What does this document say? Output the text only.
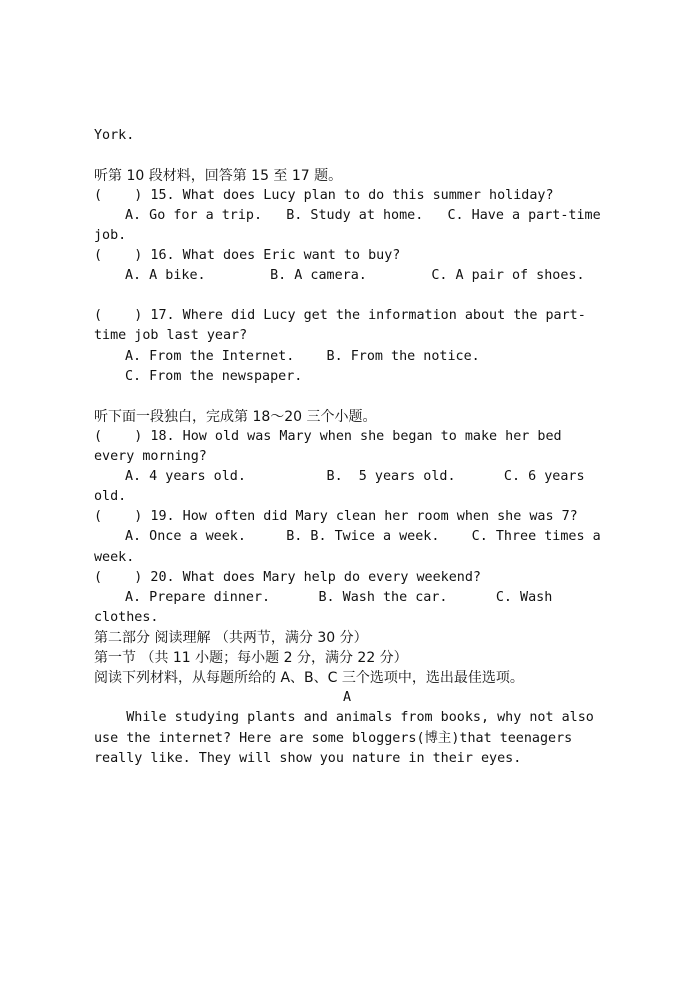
York.

听第 10 段材料，回答第 15 至 17 题。

(    ) 15. What does Lucy plan to do this summer holiday?

A. Go for a trip.   B. Study at home.   C. Have a part-time

job.

(    ) 16. What does Eric want to buy?

A. A bike.        B. A camera.        C. A pair of shoes.

(    ) 17. Where did Lucy get the information about the part-

time job last year?

A. From the Internet.    B. From the notice.

C. From the newspaper.

听下面一段独白，完成第 18～20 三个小题。

(    ) 18. How old was Mary when she began to make her bed

every morning?

A. 4 years old.          B.  5 years old.      C. 6 years

old.

(    ) 19. How often did Mary clean her room when she was 7?

A. Once a week.     B. B. Twice a week.    C. Three times a

week.

(    ) 20. What does Mary help do every weekend?

A. Prepare dinner.      B. Wash the car.      C. Wash

clothes.

第二部分 阅读理解 （共两节，满分 30 分）

第一节 （共 11 小题；每小题 2 分，满分 22 分）

阅读下列材料，从每题所给的 A、B、C 三个选项中，选出最佳选项。

A

While studying plants and animals from books, why not also

use the internet? Here are some bloggers(博主)that teenagers

really like. They will show you nature in their eyes.
